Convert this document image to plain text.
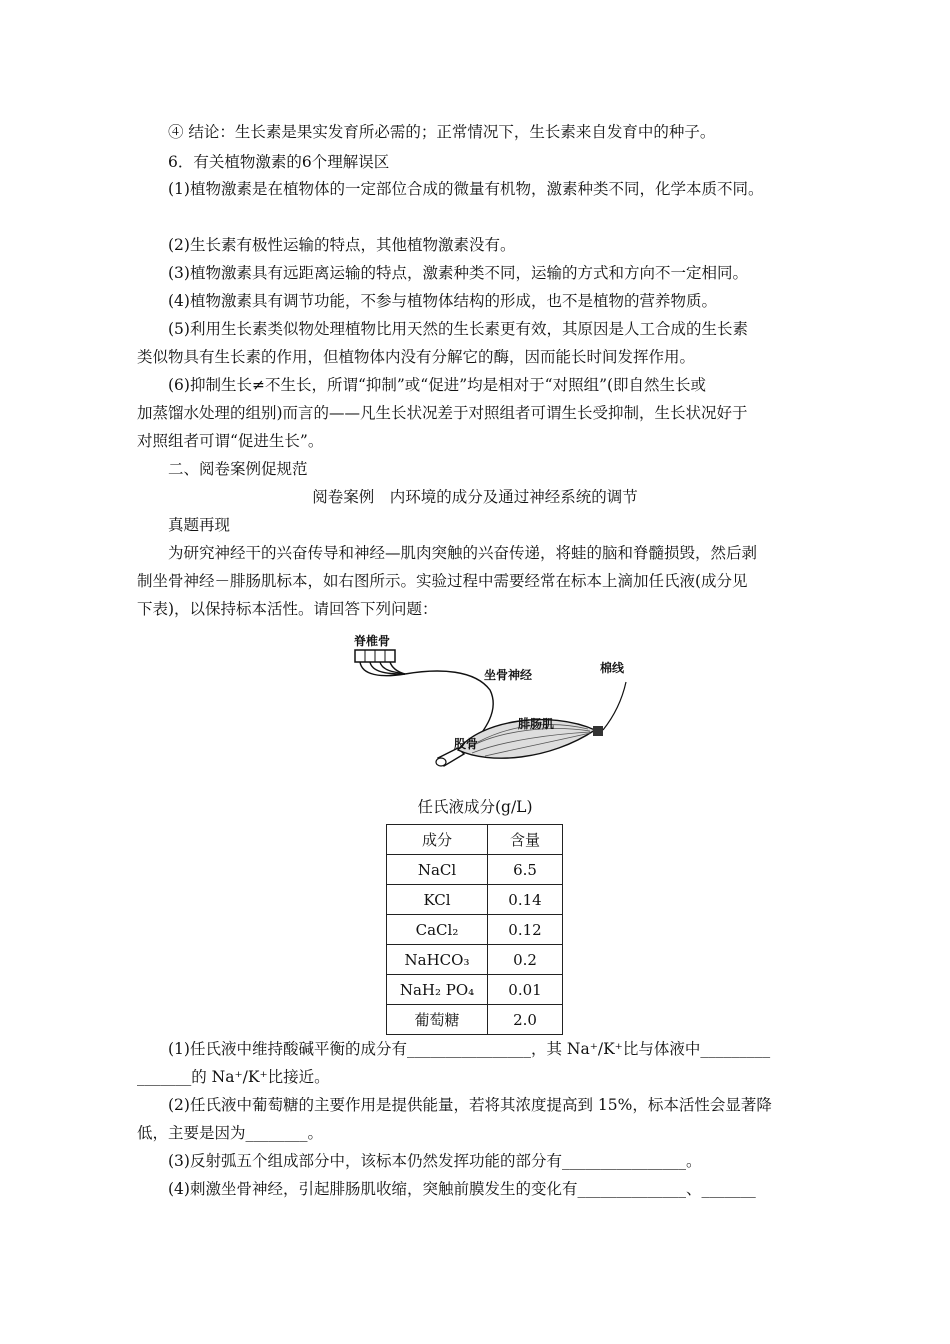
④ 结论：生长素是果实发育所必需的；正常情况下，生长素来自发育中的种子。
6．有关植物激素的6个理解误区
(1)植物激素是在植物体的一定部位合成的微量有机物，激素种类不同，化学本质不同。
(2)生长素有极性运输的特点，其他植物激素没有。
(3)植物激素具有远距离运输的特点，激素种类不同，运输的方式和方向不一定相同。
(4)植物激素具有调节功能，不参与植物体结构的形成，也不是植物的营养物质。
(5)利用生长素类似物处理植物比用天然的生长素更有效，其原因是人工合成的生长素
类似物具有生长素的作用，但植物体内没有分解它的酶，因而能长时间发挥作用。
(6)抑制生长≠不生长，所谓“抑制”或“促进”均是相对于“对照组”(即自然生长或
加蒸馏水处理的组别)而言的——凡生长状况差于对照组者可谓生长受抑制，生长状况好于
对照组者可谓“促进生长”。
二、阅卷案例促规范
阅卷案例　内环境的成分及通过神经系统的调节
真题再现
为研究神经干的兴奋传导和神经—肌肉突触的兴奋传递，将蛙的脑和脊髓损毁，然后剥
制坐骨神经－腓肠肌标本，如右图所示。实验过程中需要经常在标本上滴加任氏液(成分见
下表)，以保持标本活性。请回答下列问题：
脊椎骨
坐骨神经	棉线
腓肠肌
股骨
任氏液成分(g/L)
成分	含量
NaCl	6.5
KCl	0.14
CaCl₂	0.12
NaHCO₃	0.2
NaH₂ PO₄	0.01
葡萄糖	2.0
(1)任氏液中维持酸碱平衡的成分有________________，其 Na⁺/K⁺比与体液中_________
_______的 Na⁺/K⁺比接近。
(2)任氏液中葡萄糖的主要作用是提供能量，若将其浓度提高到 15%，标本活性会显著降
低，主要是因为________。
(3)反射弧五个组成部分中，该标本仍然发挥功能的部分有________________。
(4)刺激坐骨神经，引起腓肠肌收缩，突触前膜发生的变化有______________、_______
